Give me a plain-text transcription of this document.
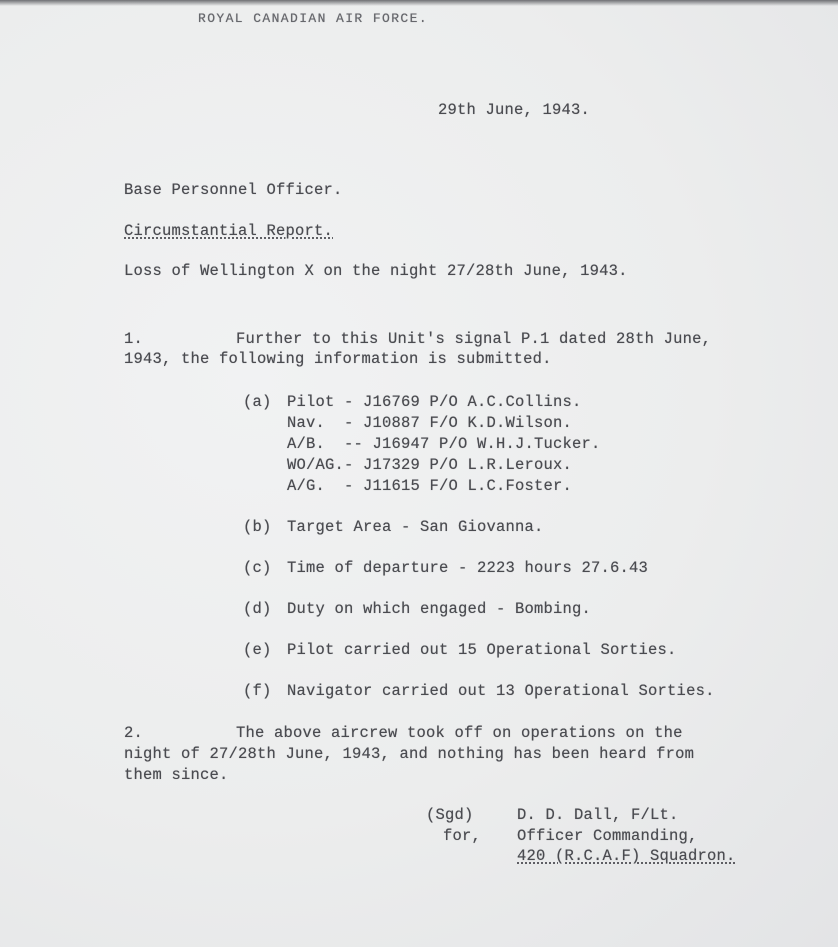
ROYAL CANADIAN AIR FORCE.
29th June, 1943.
Base Personnel Officer.
Circumstantial Report.
Loss of Wellington X on the night 27/28th June, 1943.
1.	Further to this Unit's signal P.1 dated 28th June,
1943, the following information is submitted.
(a) Pilot - J16769 P/O A.C.Collins.
Nav.  - J10887 F/O K.D.Wilson.
A/B.  -- J16947 P/O W.H.J.Tucker.
WO/AG.- J17329 P/O L.R.Leroux.
A/G.  - J11615 F/O L.C.Foster.
(b) Target Area - San Giovanna.
(c) Time of departure - 2223 hours 27.6.43
(d) Duty on which engaged - Bombing.
(e) Pilot carried out 15 Operational Sorties.
(f) Navigator carried out 13 Operational Sorties.
2.	The above aircrew took off on operations on the
night of 27/28th June, 1943, and nothing has been heard from
them since.
(Sgd)
for,
D. D. Dall, F/Lt.
Officer Commanding,
420 (R.C.A.F) Squadron.
